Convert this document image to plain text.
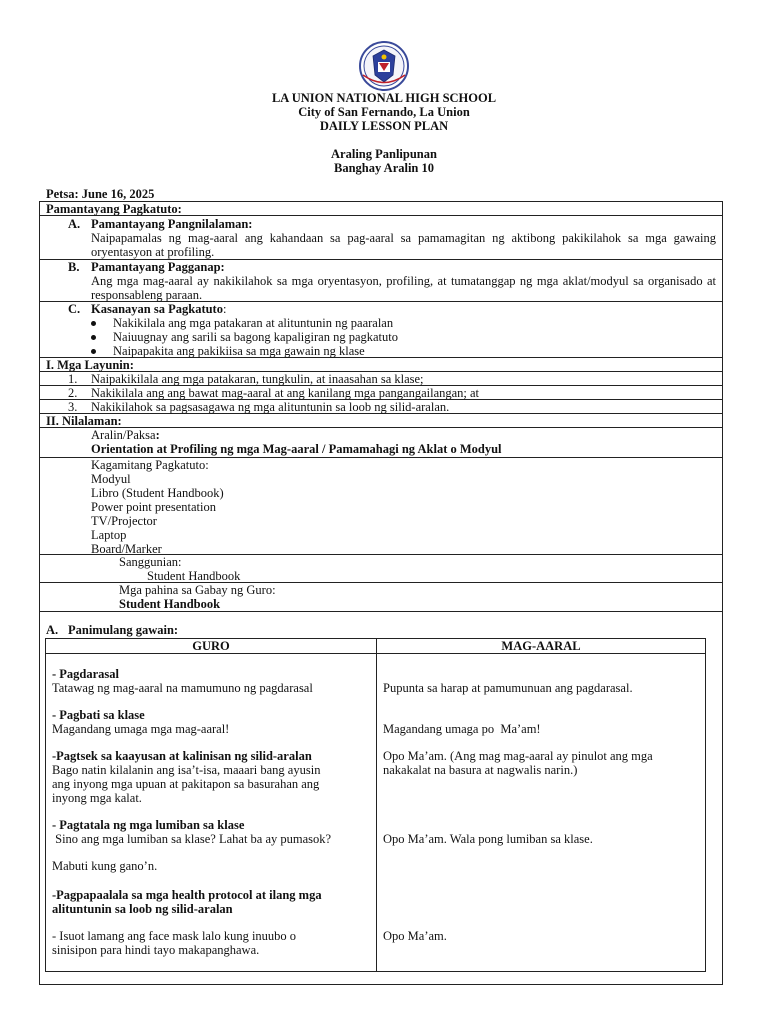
LA UNION NATIONAL HIGH SCHOOL
City of San Fernando, La Union
DAILY LESSON PLAN
Araling Panlipunan
Banghay Aralin 10
Petsa: June 16, 2025
Pamantayang Pagkatuto:
A. Pamantayang Pangnilalaman:
Naipapamalas ng mag-aaral ang kahandaan sa pag-aaral sa pamamagitan ng aktibong pakikilahok sa mga gawaing oryentasyon at profiling.
B. Pamantayang Pagganap:
Ang mga mag-aaral ay nakikilahok sa mga oryentasyon, profiling, at tumatanggap ng mga aklat/modyul sa organisado at responsableng paraan.
C. Kasanayan sa Pagkatuto:
Nakikilala ang mga patakaran at alituntunin ng paaralan
Naiuugnay ang sarili sa bagong kapaligiran ng pagkatuto
Naipapakita ang pakikiisa sa mga gawain ng klase
I. Mga Layunin:
1. Naipakikilala ang mga patakaran, tungkulin, at inaasahan sa klase;
2. Nakikilala ang ang bawat mag-aaral at ang kanilang mga pangangailangan; at
3. Nakikilahok sa pagsasagawa ng mga alituntunin sa loob ng silid-aralan.
II. Nilalaman:
Aralin/Paksa:
Orientation at Profiling ng mga Mag-aaral / Pamamahagi ng Aklat o Modyul
Kagamitang Pagkatuto:
Modyul
Libro (Student Handbook)
Power point presentation
TV/Projector
Laptop
Board/Marker
Sanggunian:
Student Handbook
Mga pahina sa Gabay ng Guro:
Student Handbook
A. Panimulang gawain:
GURO	MAG-AARAL
- Pagdarasal
Tatawag ng mag-aaral na mamumuno ng pagdarasal
- Pagbati sa klase
Magandang umaga mga mag-aaral!
-Pagtsek sa kaayusan at kalinisan ng silid-aralan
Bago natin kilalanin ang isa’t-isa, maaari bang ayusin
ang inyong mga upuan at pakitapon sa basurahan ang
inyong mga kalat.
- Pagtatala ng mga lumiban sa klase
Sino ang mga lumiban sa klase? Lahat ba ay pumasok?
Mabuti kung gano’n.
-Pagpapaalala sa mga health protocol at ilang mga
alituntunin sa loob ng silid-aralan
- Isuot lamang ang face mask lalo kung inuubo o
sinisipon para hindi tayo makapanghawa.
Pupunta sa harap at pamumunuan ang pagdarasal.
Magandang umaga po  Ma’am!
Opo Ma’am. (Ang mag mag-aaral ay pinulot ang mga
nakakalat na basura at nagwalis narin.)
Opo Ma’am. Wala pong lumiban sa klase.
Opo Ma’am.
